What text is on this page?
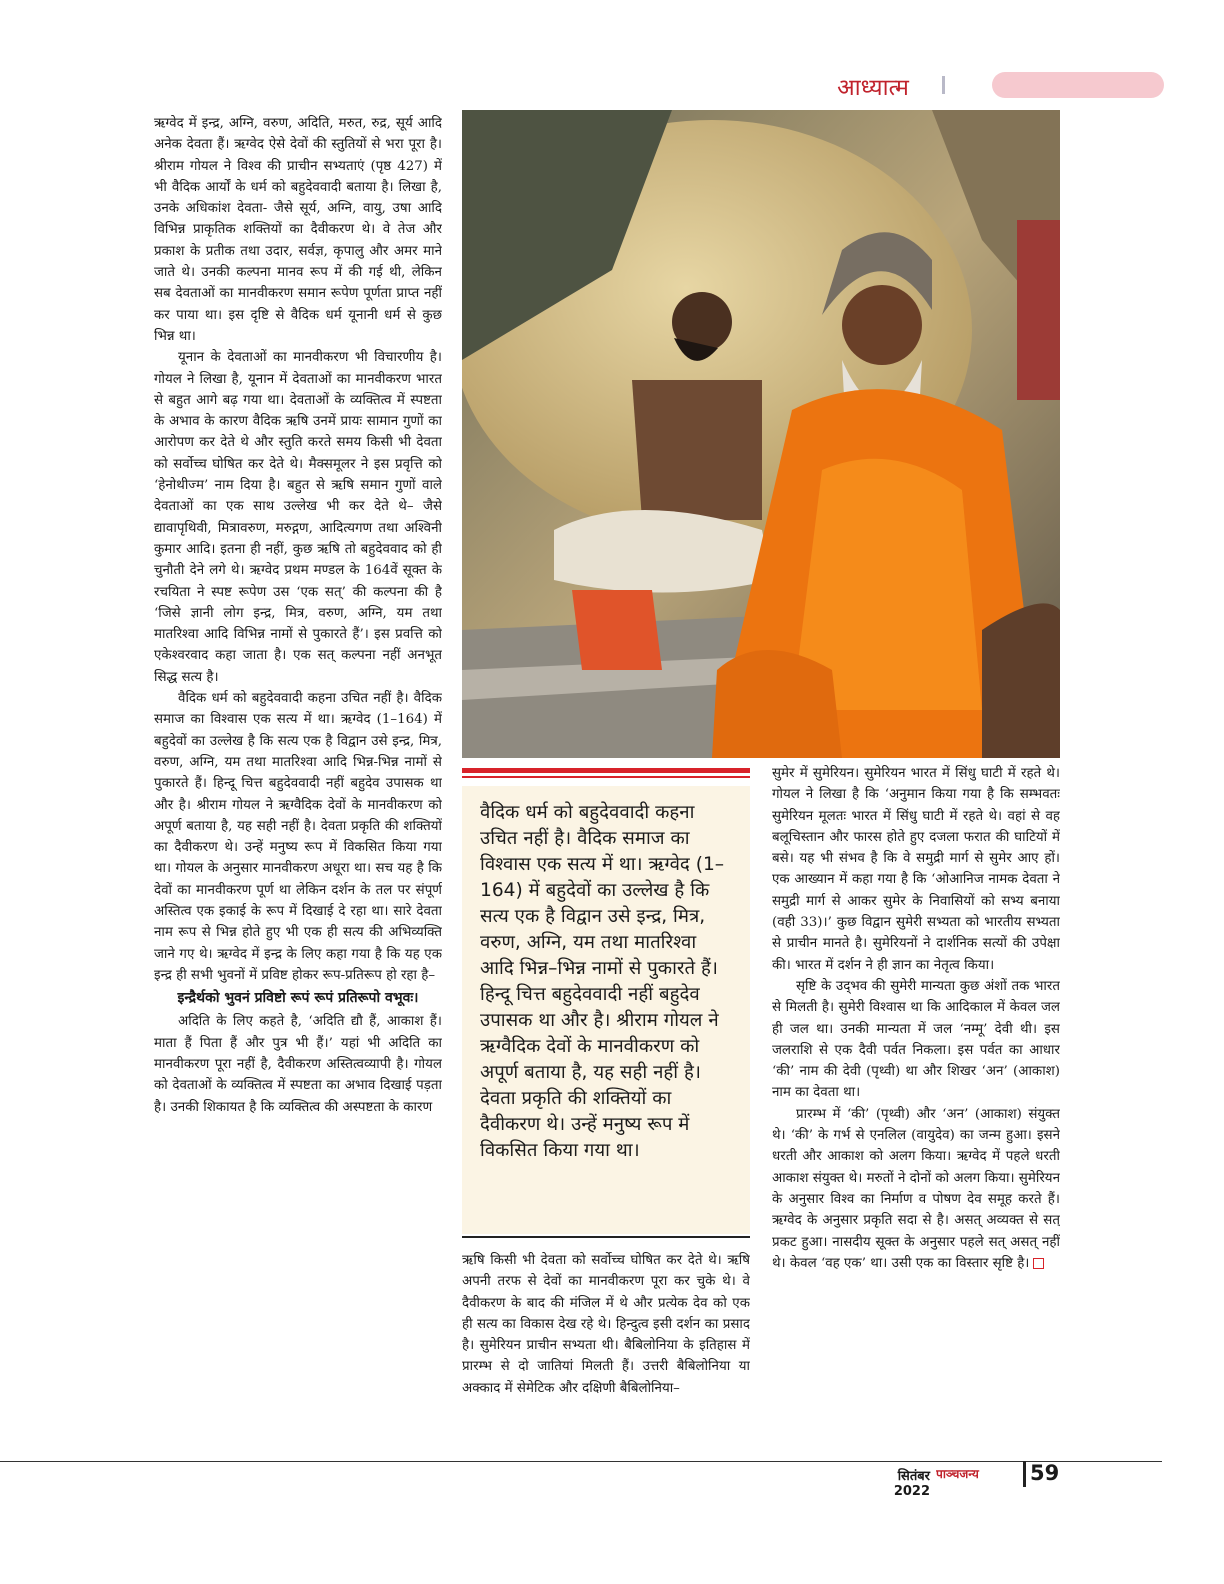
आध्यात्म

ऋग्वेद में इन्द्र, अग्नि, वरुण, अदिति, मरुत, रुद्र, सूर्य आदि अनेक देवता हैं। ऋग्वेद ऐसे देवों की स्तुतियों से भरा पूरा है। श्रीराम गोयल ने विश्व की प्राचीन सभ्यताएं (पृष्ठ 427) में भी वैदिक आर्यों के धर्म को बहुदेववादी बताया है। लिखा है, उनके अधिकांश देवता- जैसे सूर्य, अग्नि, वायु, उषा आदि विभिन्न प्राकृतिक शक्तियों का दैवीकरण थे। वे तेज और प्रकाश के प्रतीक तथा उदार, सर्वज्ञ, कृपालु और अमर माने जाते थे। उनकी कल्पना मानव रूप में की गई थी, लेकिन सब देवताओं का मानवीकरण समान रूपेण पूर्णता प्राप्त नहीं कर पाया था। इस दृष्टि से वैदिक धर्म यूनानी धर्म से कुछ भिन्न था।

यूनान के देवताओं का मानवीकरण भी विचारणीय है। गोयल ने लिखा है, यूनान में देवताओं का मानवीकरण भारत से बहुत आगे बढ़ गया था। देवताओं के व्यक्तित्व में स्पष्टता के अभाव के कारण वैदिक ऋषि उनमें प्रायः सामान गुणों का आरोपण कर देते थे और स्तुति करते समय किसी भी देवता को सर्वोच्च घोषित कर देते थे। मैक्समूलर ने इस प्रवृत्ति को ‘हेनोथीज्म’ नाम दिया है। बहुत से ऋषि समान गुणों वाले देवताओं का एक साथ उल्लेख भी कर देते थे– जैसे द्यावापृथिवी, मित्रावरुण, मरुद्गण, आदित्यगण तथा अश्विनी कुमार आदि। इतना ही नहीं, कुछ ऋषि तो बहुदेववाद को ही चुनौती देने लगे थे। ऋग्वेद प्रथम मण्डल के 164वें सूक्त के रचयिता ने स्पष्ट रूपेण उस ‘एक सत्’ की कल्पना की है ‘जिसे ज्ञानी लोग इन्द्र, मित्र, वरुण, अग्नि, यम तथा मातरिश्वा आदि विभिन्न नामों से पुकारते हैं’। इस प्रवत्ति को एकेश्वरवाद कहा जाता है। एक सत् कल्पना नहीं अनभूत सिद्ध सत्य है।

वैदिक धर्म को बहुदेववादी कहना उचित नहीं है। वैदिक समाज का विश्वास एक सत्य में था। ऋग्वेद (1–164) में बहुदेवों का उल्लेख है कि सत्य एक है विद्वान उसे इन्द्र, मित्र, वरुण, अग्नि, यम तथा मातरिश्वा आदि भिन्न-भिन्न नामों से पुकारते हैं। हिन्दू चित्त बहुदेववादी नहीं बहुदेव उपासक था और है। श्रीराम गोयल ने ऋग्वैदिक देवों के मानवीकरण को अपूर्ण बताया है, यह सही नहीं है। देवता प्रकृति की शक्तियों का दैवीकरण थे। उन्हें मनुष्य रूप में विकसित किया गया था। गोयल के अनुसार मानवीकरण अधूरा था। सच यह है कि देवों का मानवीकरण पूर्ण था लेकिन दर्शन के तल पर संपूर्ण अस्तित्व एक इकाई के रूप में दिखाई दे रहा था। सारे देवता नाम रूप से भिन्न होते हुए भी एक ही सत्य की अभिव्यक्ति जाने गए थे। ऋग्वेद में इन्द्र के लिए कहा गया है कि यह एक इन्द्र ही सभी भुवनों में प्रविष्ट होकर रूप-प्रतिरूप हो रहा है–

इन्द्रैर्थको भुवनं प्रविष्टो रूपं रूपं प्रतिरूपो वभूवः।

अदिति के लिए कहते है, ‘अदिति द्यौ हैं, आकाश हैं। माता हैं पिता हैं और पुत्र भी हैं।’ यहां भी अदिति का मानवीकरण पूरा नहीं है, दैवीकरण अस्तित्वव्यापी है। गोयल को देवताओं के व्यक्तित्व में स्पष्टता का अभाव दिखाई पड़ता है। उनकी शिकायत है कि व्यक्तित्व की अस्पष्टता के कारण

वैदिक धर्म को बहुदेववादी कहना उचित नहीं है। वैदिक समाज का विश्वास एक सत्य में था। ऋग्वेद (1–164) में बहुदेवों का उल्लेख है कि सत्य एक है विद्वान उसे इन्द्र, मित्र, वरुण, अग्नि, यम तथा मातरिश्वा आदि भिन्न–भिन्न नामों से पुकारते हैं। हिन्दू चित्त बहुदेववादी नहीं बहुदेव उपासक था और है। श्रीराम गोयल ने ऋग्वैदिक देवों के मानवीकरण को अपूर्ण बताया है, यह सही नहीं है। देवता प्रकृति की शक्तियों का दैवीकरण थे। उन्हें मनुष्य रूप में विकसित किया गया था।

ऋषि किसी भी देवता को सर्वोच्च घोषित कर देते थे। ऋषि अपनी तरफ से देवों का मानवीकरण पूरा कर चुके थे। वे दैवीकरण के बाद की मंजिल में थे और प्रत्येक देव को एक ही सत्य का विकास देख रहे थे। हिन्दुत्व इसी दर्शन का प्रसाद है। सुमेरियन प्राचीन सभ्यता थी। बैबिलोनिया के इतिहास में प्रारम्भ से दो जातियां मिलती हैं। उत्तरी बैबिलोनिया या अक्काद में सेमेटिक और दक्षिणी बैबिलोनिया–

सुमेर में सुमेरियन। सुमेरियन भारत में सिंधु घाटी में रहते थे। गोयल ने लिखा है कि ‘अनुमान किया गया है कि सम्भवतः सुमेरियन मूलतः भारत में सिंधु घाटी में रहते थे। वहां से वह बलूचिस्तान और फारस होते हुए दजला फरात की घाटियों में बसे। यह भी संभव है कि वे समुद्री मार्ग से सुमेर आए हों। एक आख्यान में कहा गया है कि ‘ओआनिज नामक देवता ने समुद्री मार्ग से आकर सुमेर के निवासियों को सभ्य बनाया (वही 33)।’ कुछ विद्वान सुमेरी सभ्यता को भारतीय सभ्यता से प्राचीन मानते है। सुमेरियनों ने दार्शनिक सत्यों की उपेक्षा की। भारत में दर्शन ने ही ज्ञान का नेतृत्व किया।

सृष्टि के उद्‌भव की सुमेरी मान्यता कुछ अंशों तक भारत से मिलती है। सुमेरी विश्वास था कि आदिकाल में केवल जल ही जल था। उनकी मान्यता में जल ‘नम्मू’ देवी थी। इस जलराशि से एक दैवी पर्वत निकला। इस पर्वत का आधार ‘की’ नाम की देवी (पृथ्वी) था और शिखर ‘अन’ (आकाश) नाम का देवता था।

प्रारम्भ में ‘की’ (पृथ्वी) और ‘अन’ (आकाश) संयुक्त थे। ‘की’ के गर्भ से एनलिल (वायुदेव) का जन्म हुआ। इसने धरती और आकाश को अलग किया। ऋग्वेद में पहले धरती आकाश संयुक्त थे। मरुतों ने दोनों को अलग किया। सुमेरियन के अनुसार विश्व का निर्माण व पोषण देव समूह करते हैं। ऋग्वेद के अनुसार प्रकृति सदा से है। असत् अव्यक्त से सत् प्रकट हुआ। नासदीय सूक्त के अनुसार पहले सत् असत् नहीं थे। केवल ‘वह एक’ था। उसी एक का विस्तार सृष्टि है।

सितंबर 2022
पाञ्चजन्य	59
